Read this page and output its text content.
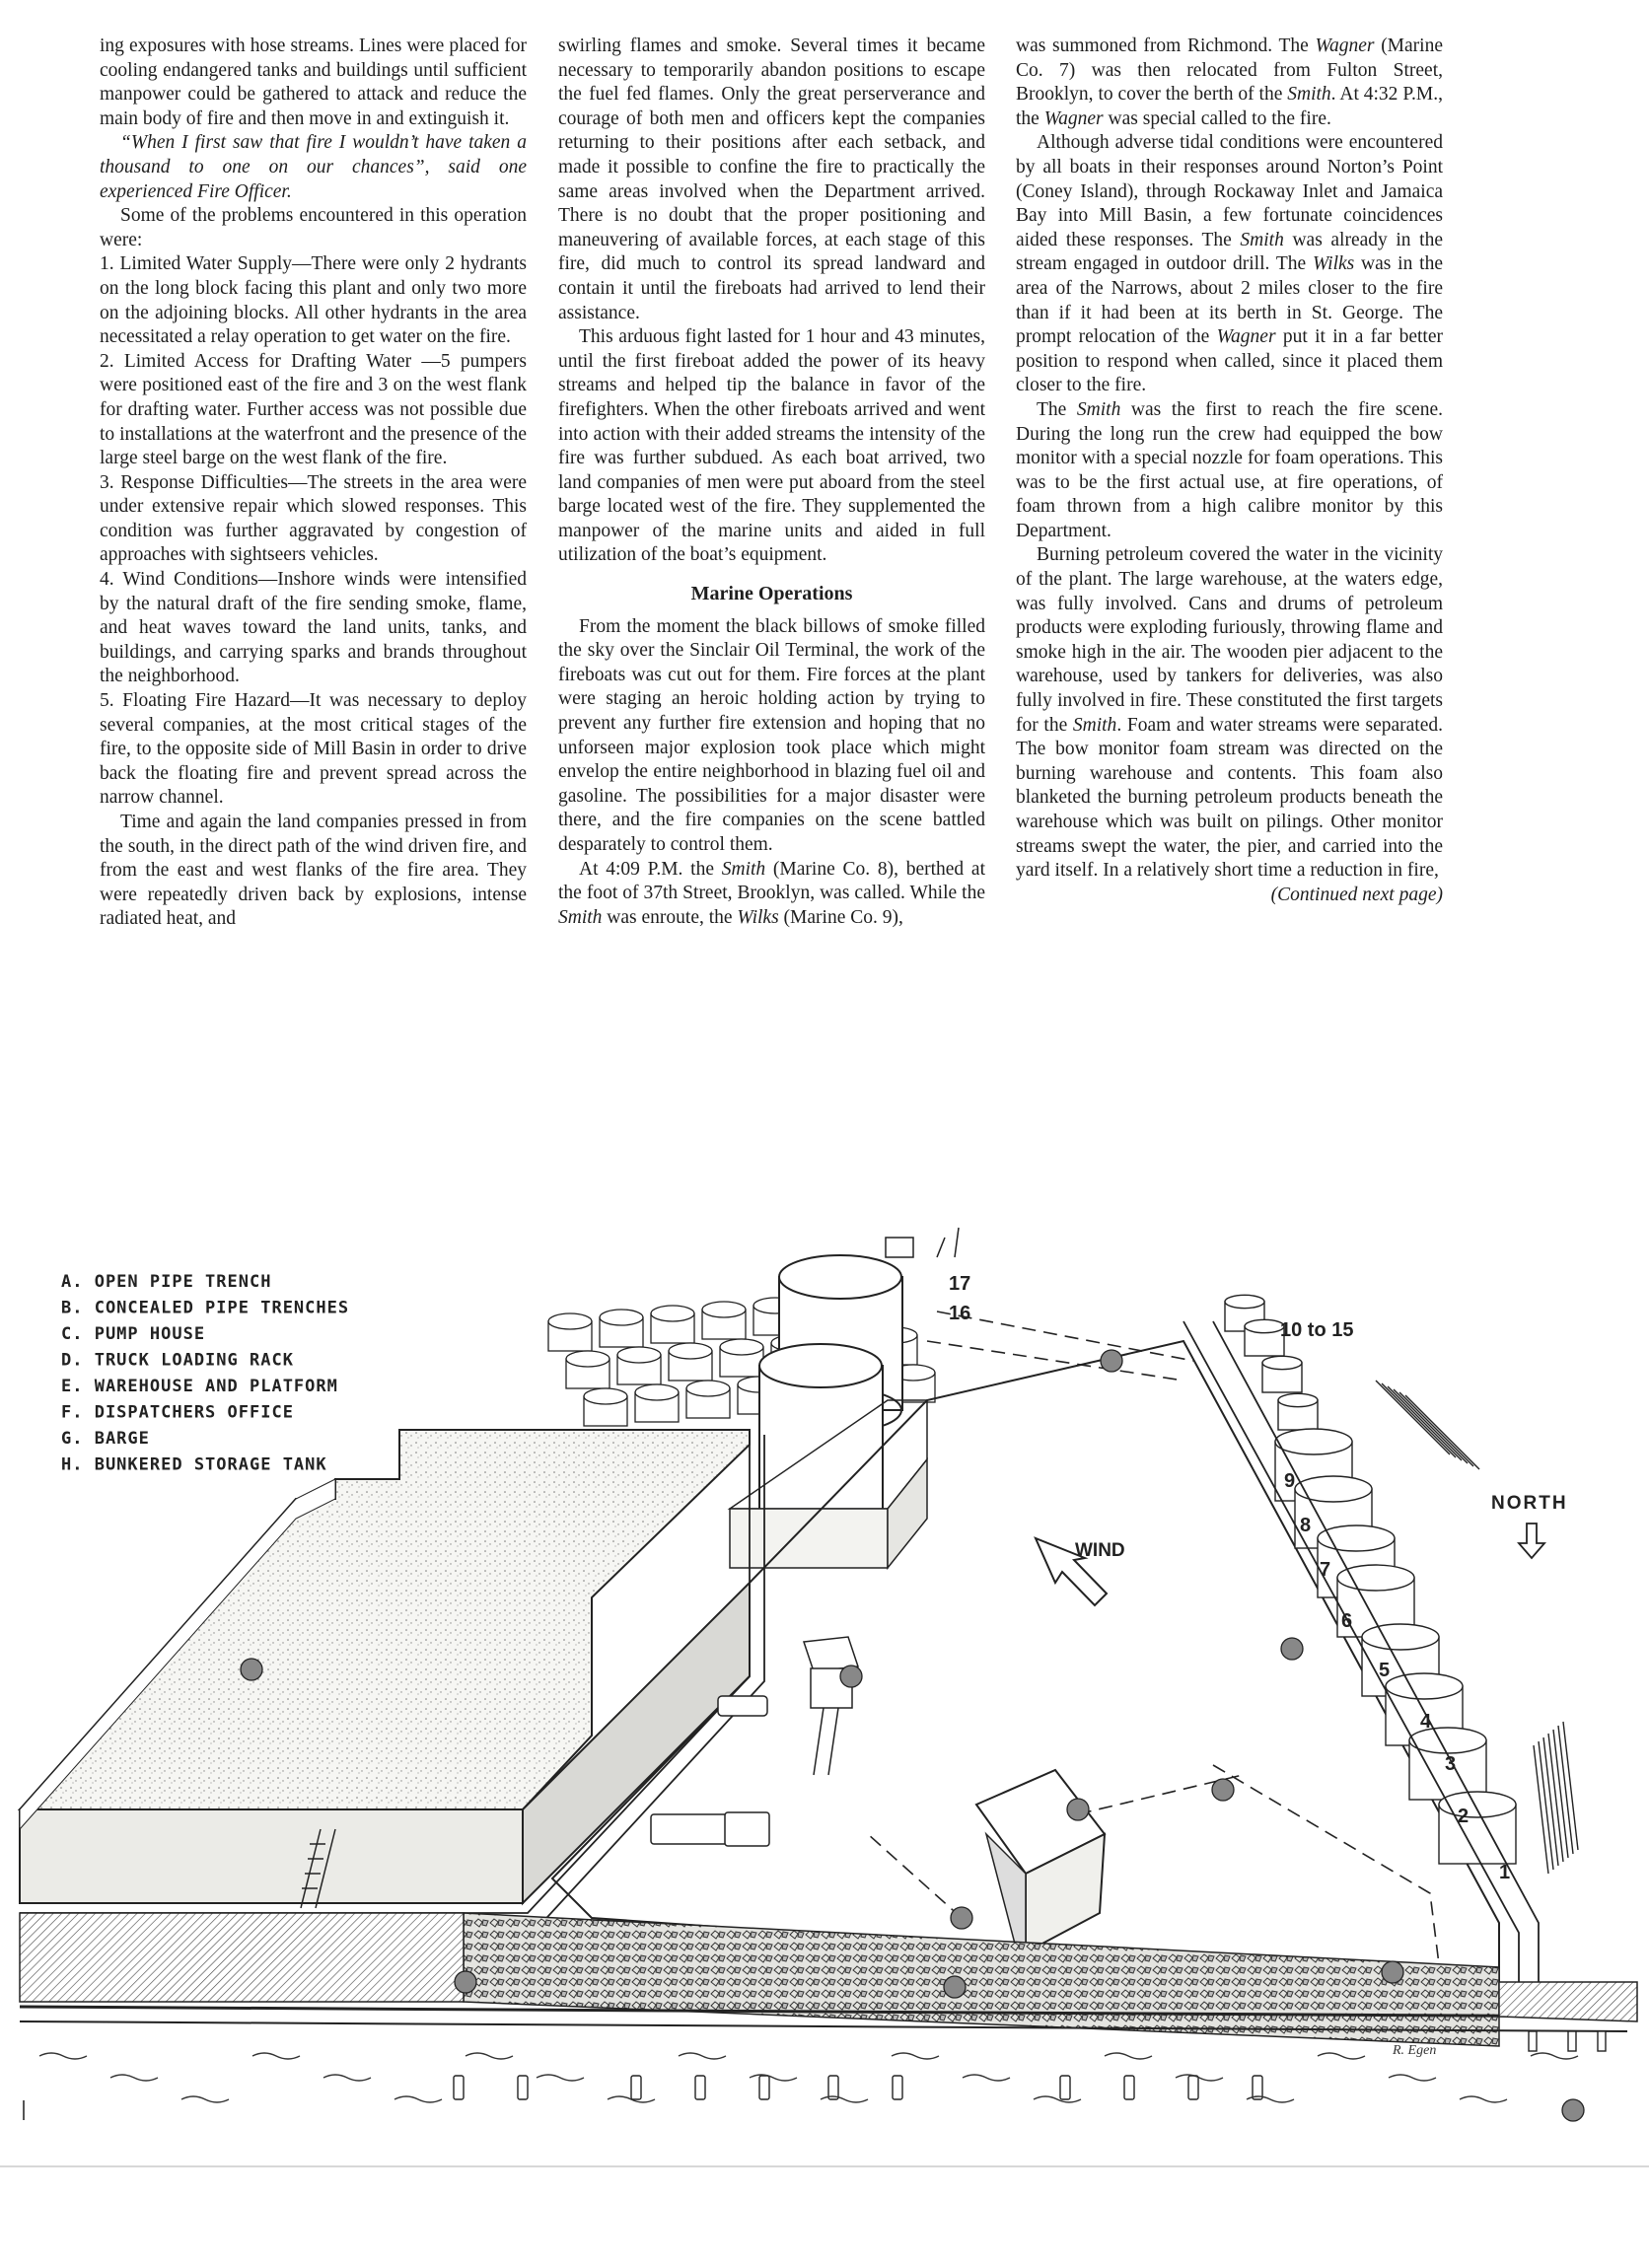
ing exposures with hose streams. Lines were placed for cooling endangered tanks and buildings until sufficient manpower could be gathered to attack and reduce the main body of fire and then move in and extinguish it.

“When I first saw that fire I wouldn’t have taken a thousand to one on our chances”, said one experienced Fire Officer.

Some of the problems encountered in this operation were:

1. Limited Water Supply—There were only 2 hydrants on the long block facing this plant and only two more on the adjoining blocks. All other hydrants in the area necessitated a relay operation to get water on the fire.

2. Limited Access for Drafting Water —5 pumpers were positioned east of the fire and 3 on the west flank for drafting water. Further access was not possible due to installations at the waterfront and the presence of the large steel barge on the west flank of the fire.

3. Response Difficulties—The streets in the area were under extensive repair which slowed responses. This condition was further aggravated by congestion of approaches with sightseers vehicles.

4. Wind Conditions—Inshore winds were intensified by the natural draft of the fire sending smoke, flame, and heat waves toward the land units, tanks, and buildings, and carrying sparks and brands throughout the neighborhood.

5. Floating Fire Hazard—It was necessary to deploy several companies, at the most critical stages of the fire, to the opposite side of Mill Basin in order to drive back the floating fire and prevent spread across the narrow channel.

Time and again the land companies pressed in from the south, in the direct path of the wind driven fire, and from the east and west flanks of the fire area. They were repeatedly driven back by explosions, intense radiated heat, and

swirling flames and smoke. Several times it became necessary to temporarily abandon positions to escape the fuel fed flames. Only the great perserverance and courage of both men and officers kept the companies returning to their positions after each setback, and made it possible to confine the fire to practically the same areas involved when the Department arrived. There is no doubt that the proper positioning and maneuvering of available forces, at each stage of this fire, did much to control its spread landward and contain it until the fireboats had arrived to lend their assistance.

This arduous fight lasted for 1 hour and 43 minutes, until the first fireboat added the power of its heavy streams and helped tip the balance in favor of the firefighters. When the other fireboats arrived and went into action with their added streams the intensity of the fire was further subdued. As each boat arrived, two land companies of men were put aboard from the steel barge located west of the fire. They supplemented the manpower of the marine units and aided in full utilization of the boat’s equipment.

Marine Operations

From the moment the black billows of smoke filled the sky over the Sinclair Oil Terminal, the work of the fireboats was cut out for them. Fire forces at the plant were staging an heroic holding action by trying to prevent any further fire extension and hoping that no unforseen major explosion took place which might envelop the entire neighborhood in blazing fuel oil and gasoline. The possibilities for a major disaster were there, and the fire companies on the scene battled desparately to control them.

At 4:09 P.M. the Smith (Marine Co. 8), berthed at the foot of 37th Street, Brooklyn, was called. While the Smith was enroute, the Wilks (Marine Co. 9),

was summoned from Richmond. The Wagner (Marine Co. 7) was then relocated from Fulton Street, Brooklyn, to cover the berth of the Smith. At 4:32 P.M., the Wagner was special called to the fire.

Although adverse tidal conditions were encountered by all boats in their responses around Norton’s Point (Coney Island), through Rockaway Inlet and Jamaica Bay into Mill Basin, a few fortunate coincidences aided these responses. The Smith was already in the stream engaged in outdoor drill. The Wilks was in the area of the Narrows, about 2 miles closer to the fire than if it had been at its berth in St. George. The prompt relocation of the Wagner put it in a far better position to respond when called, since it placed them closer to the fire.

The Smith was the first to reach the fire scene. During the long run the crew had equipped the bow monitor with a special nozzle for foam operations. This was to be the first actual use, at fire operations, of foam thrown from a high calibre monitor by this Department.

Burning petroleum covered the water in the vicinity of the plant. The large warehouse, at the waters edge, was fully involved. Cans and drums of petroleum products were exploding furiously, throwing flame and smoke high in the air. The wooden pier adjacent to the warehouse, used by tankers for deliveries, was also fully involved in fire. These constituted the first targets for the Smith. Foam and water streams were separated. The bow monitor foam stream was directed on the burning warehouse and contents. This foam also blanketed the burning petroleum products beneath the warehouse which was built on pilings. Other monitor streams swept the water, the pier, and carried into the yard itself. In a relatively short time a reduction in fire,

(Continued next page)

A. OPEN PIPE TRENCH
B. CONCEALED PIPE TRENCHES
C. PUMP HOUSE
D. TRUCK LOADING RACK
E. WAREHOUSE AND PLATFORM
F. DISPATCHERS OFFICE
G. BARGE
H. BUNKERED STORAGE TANK
WIND
NORTH
10 to 15
1
2
3
4
5
6
7
8
9
16
17
R. Egen
